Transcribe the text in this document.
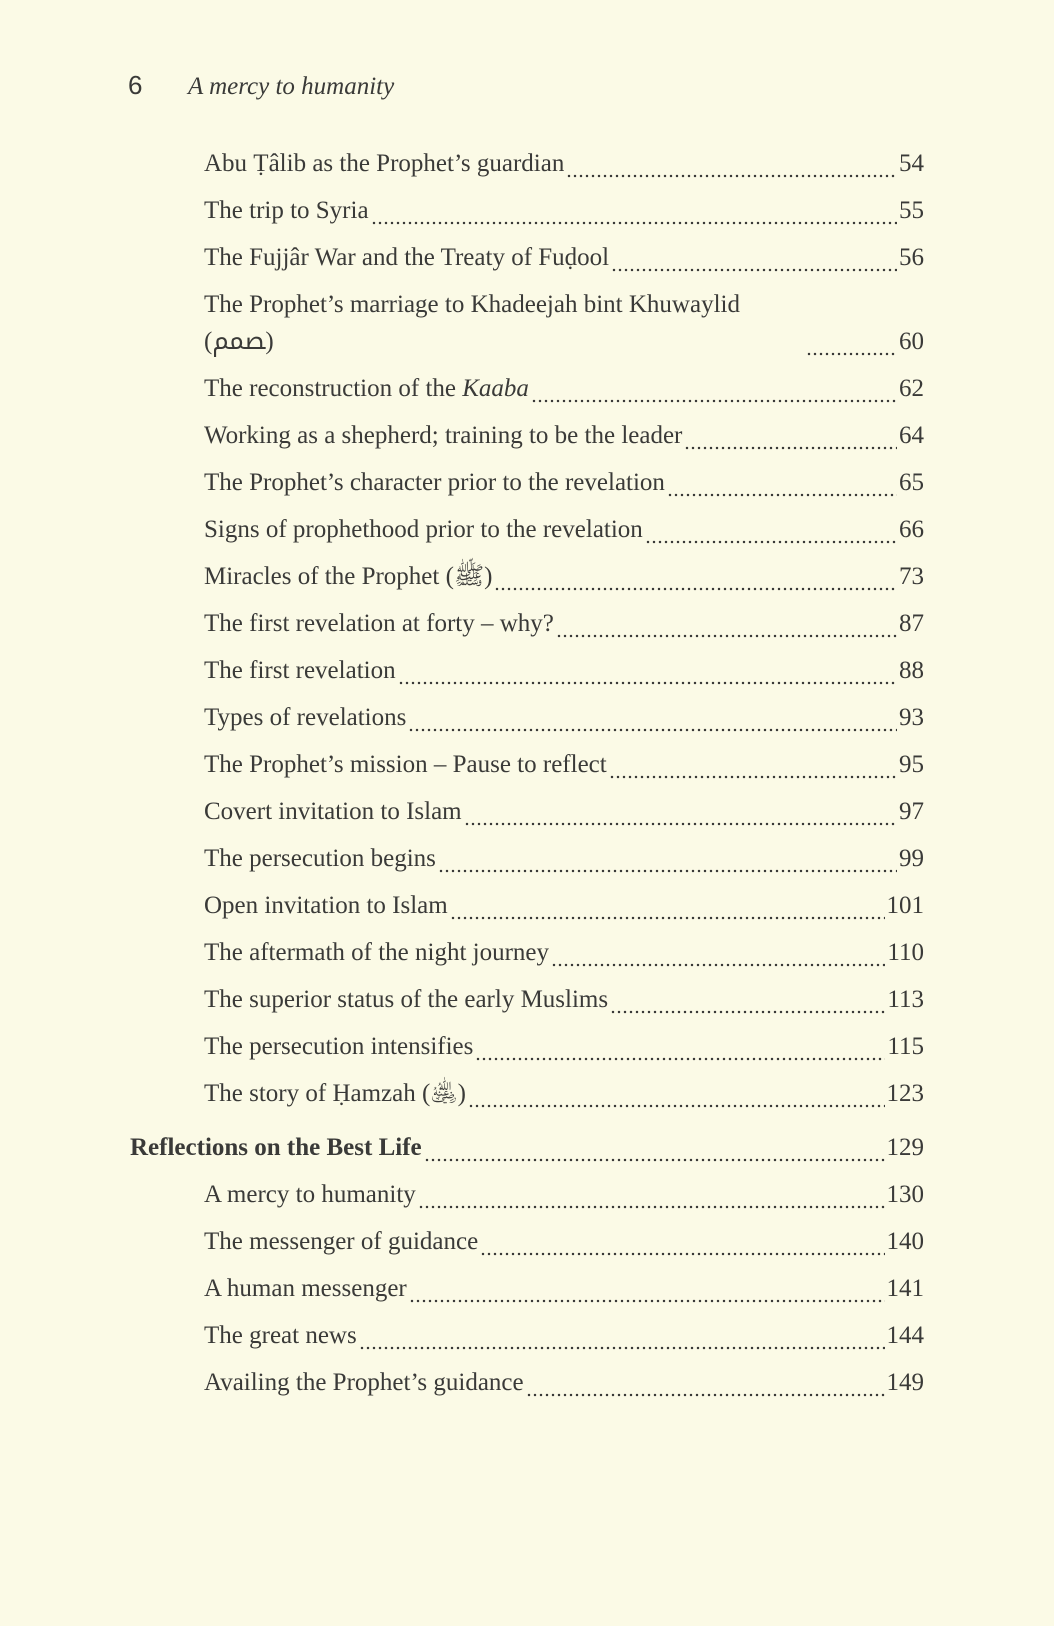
6 A mercy to humanity
Abu Ṭâlib as the Prophet’s guardian	54
The trip to Syria	55
The Fujjâr War and the Treaty of Fuḍool	56
The Prophet’s marriage to Khadeejah bint Khuwaylid (ﵦ)	60
The reconstruction of the Kaaba	62
Working as a shepherd; training to be the leader	64
The Prophet’s character prior to the revelation	65
Signs of prophethood prior to the revelation	66
Miracles of the Prophet (ﷺ)	73
The first revelation at forty – why?	87
The first revelation	88
Types of revelations	93
The Prophet’s mission – Pause to reflect	95
Covert invitation to Islam	97
The persecution begins	99
Open invitation to Islam	101
The aftermath of the night journey	110
The superior status of the early Muslims	113
The persecution intensifies	115
The story of Ḥamzah (﵁)	123
Reflections on the Best Life	129
A mercy to humanity	130
The messenger of guidance	140
A human messenger	141
The great news	144
Availing the Prophet’s guidance	149
